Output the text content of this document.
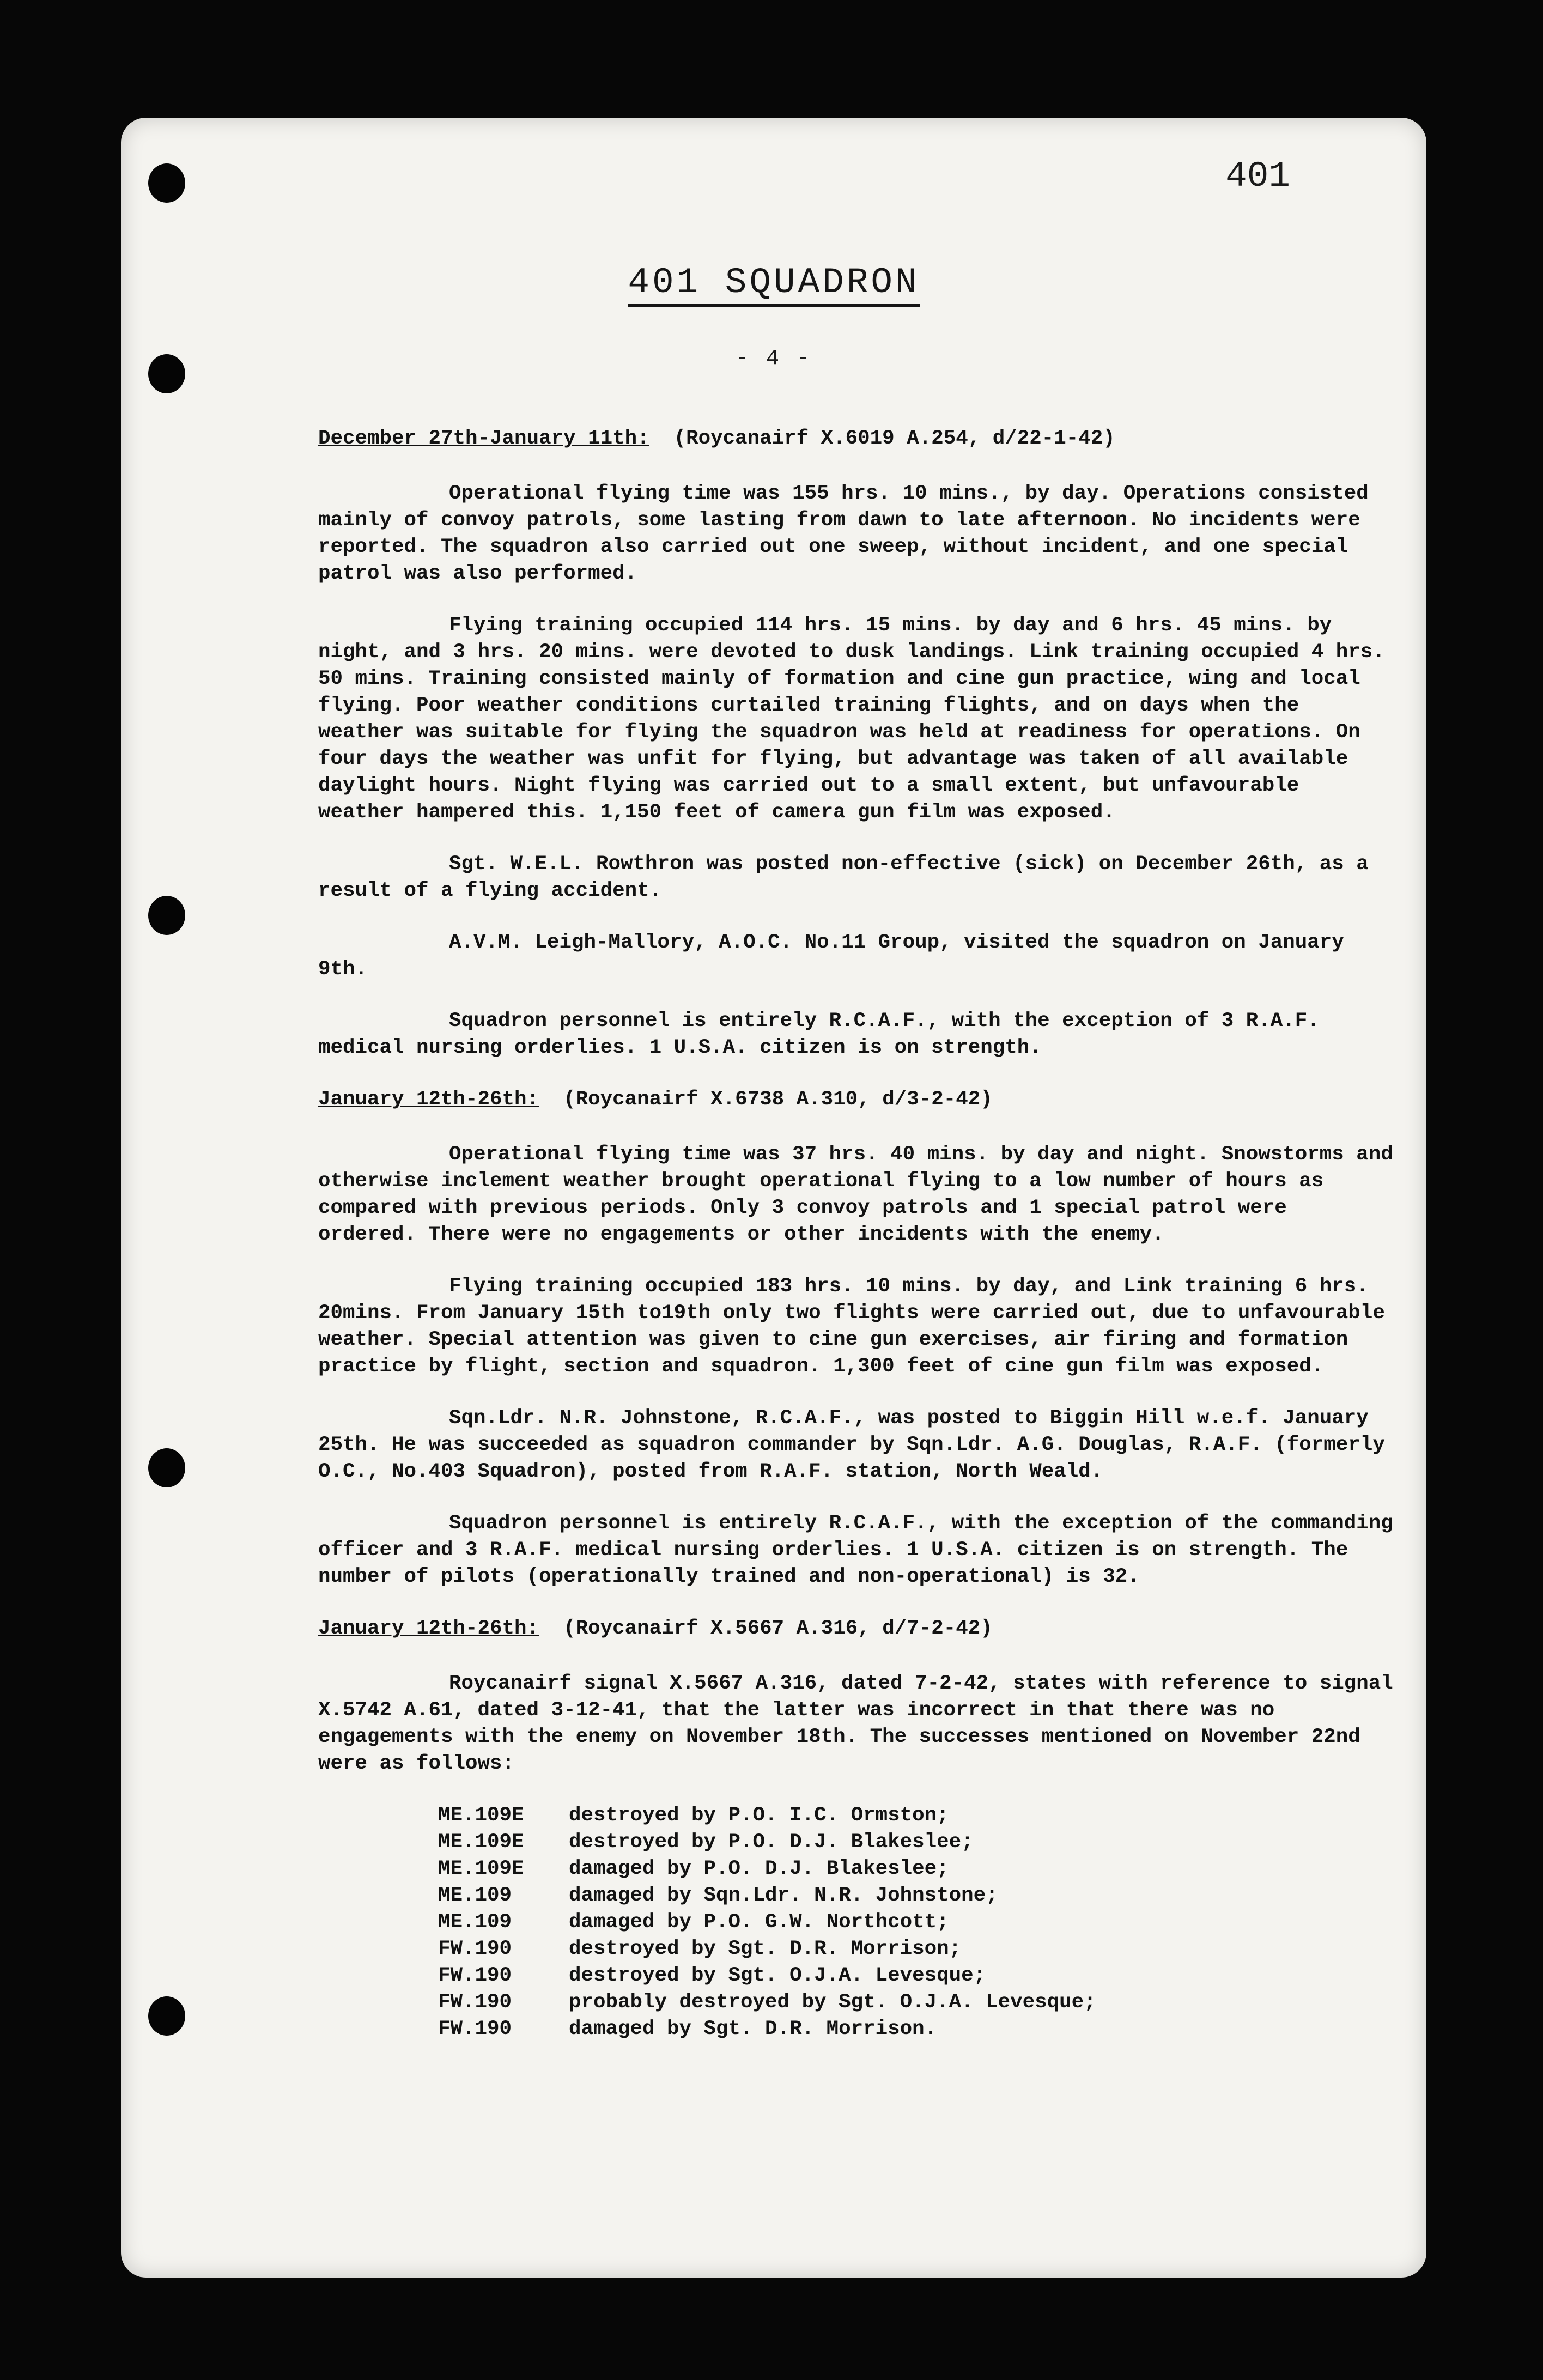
401
401 SQUADRON
- 4 -
December 27th-January 11th: (Roycanairf X.6019 A.254, d/22-1-42)

Operational flying time was 155 hrs. 10 mins., by day. Operations consisted mainly of convoy patrols, some lasting from dawn to late afternoon. No incidents were reported. The squadron also carried out one sweep, without incident, and one special patrol was also performed.

Flying training occupied 114 hrs. 15 mins. by day and 6 hrs. 45 mins. by night, and 3 hrs. 20 mins. were devoted to dusk landings. Link training occupied 4 hrs. 50 mins. Training consisted mainly of formation and cine gun practice, wing and local flying. Poor weather conditions curtailed training flights, and on days when the weather was suitable for flying the squadron was held at readiness for operations. On four days the weather was unfit for flying, but advantage was taken of all available daylight hours. Night flying was carried out to a small extent, but unfavourable weather hampered this. 1,150 feet of camera gun film was exposed.

Sgt. W.E.L. Rowthron was posted non-effective (sick) on December 26th, as a result of a flying accident.

A.V.M. Leigh-Mallory, A.O.C. No.11 Group, visited the squadron on January 9th.

Squadron personnel is entirely R.C.A.F., with the exception of 3 R.A.F. medical nursing orderlies. 1 U.S.A. citizen is on strength.

January 12th-26th: (Roycanairf X.6738 A.310, d/3-2-42)

Operational flying time was 37 hrs. 40 mins. by day and night. Snowstorms and otherwise inclement weather brought operational flying to a low number of hours as compared with previous periods. Only 3 convoy patrols and 1 special patrol were ordered. There were no engagements or other incidents with the enemy.

Flying training occupied 183 hrs. 10 mins. by day, and Link training 6 hrs. 20mins. From January 15th to19th only two flights were carried out, due to unfavourable weather. Special attention was given to cine gun exercises, air firing and formation practice by flight, section and squadron. 1,300 feet of cine gun film was exposed.

Sqn.Ldr. N.R. Johnstone, R.C.A.F., was posted to Biggin Hill w.e.f. January 25th. He was succeeded as squadron commander by Sqn.Ldr. A.G. Douglas, R.A.F. (formerly O.C., No.403 Squadron), posted from R.A.F. station, North Weald.

Squadron personnel is entirely R.C.A.F., with the exception of the commanding officer and 3 R.A.F. medical nursing orderlies. 1 U.S.A. citizen is on strength. The number of pilots (operationally trained and non-operational) is 32.

January 12th-26th: (Roycanairf X.5667 A.316, d/7-2-42)

Roycanairf signal X.5667 A.316, dated 7-2-42, states with reference to signal X.5742 A.61, dated 3-12-41, that the latter was incorrect in that there was no engagements with the enemy on November 18th. The successes mentioned on November 22nd were as follows:

ME.109E	destroyed by P.O. I.C. Ormston;
ME.109E	destroyed by P.O. D.J. Blakeslee;
ME.109E	damaged by P.O. D.J. Blakeslee;
ME.109	damaged by Sqn.Ldr. N.R. Johnstone;
ME.109	damaged by P.O. G.W. Northcott;
FW.190	destroyed by Sgt. D.R. Morrison;
FW.190	destroyed by Sgt. O.J.A. Levesque;
FW.190	probably destroyed by Sgt. O.J.A. Levesque;
FW.190	damaged by Sgt. D.R. Morrison.
